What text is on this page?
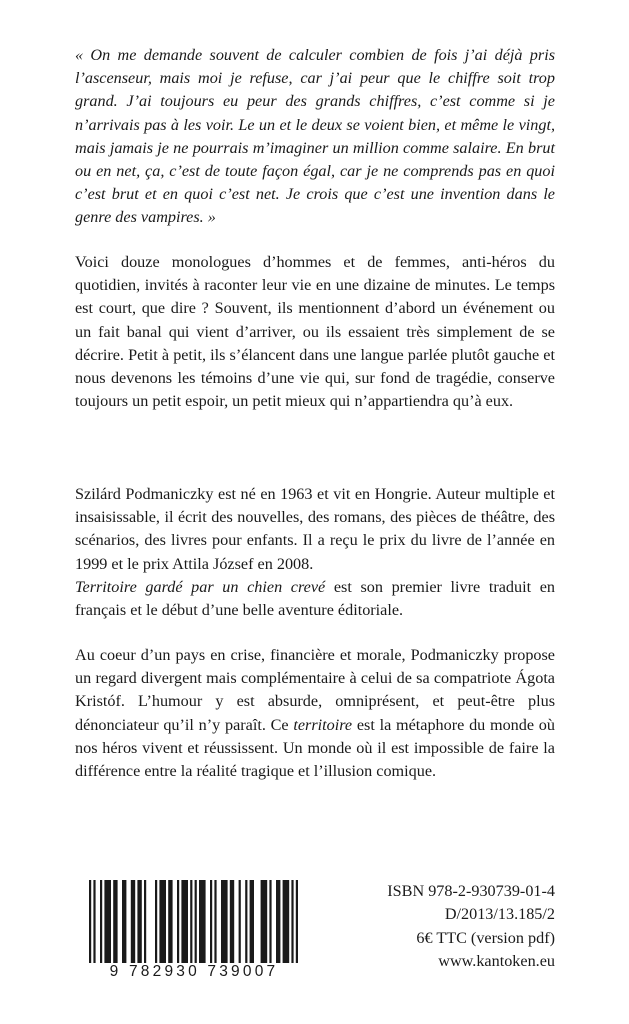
« On me demande souvent de calculer combien de fois j’ai déjà pris l’ascenseur, mais moi je refuse, car j’ai peur que le chiffre soit trop grand. J’ai toujours eu peur des grands chiffres, c’est comme si je n’arrivais pas à les voir. Le un et le deux se voient bien, et même le vingt, mais jamais je ne pourrais m’imaginer un million comme salaire. En brut ou en net, ça, c’est de toute façon égal, car je ne comprends pas en quoi c’est brut et en quoi c’est net. Je crois que c’est une invention dans le genre des vampires. »

Voici douze monologues d’hommes et de femmes, anti-héros du quotidien, invités à raconter leur vie en une dizaine de minutes. Le temps est court, que dire ? Souvent, ils mentionnent d’abord un événement ou un fait banal qui vient d’arriver, ou ils essaient très simplement de se décrire. Petit à petit, ils s’élancent dans une langue parlée plutôt gauche et nous devenons les témoins d’une vie qui, sur fond de tragédie, conserve toujours un petit espoir, un petit mieux qui n’appartiendra qu’à eux.

Szilárd Podmaniczky est né en 1963 et vit en Hongrie. Auteur multiple et insaisissable, il écrit des nouvelles, des romans, des pièces de théâtre, des scénarios, des livres pour enfants. Il a reçu le prix du livre de l’année en 1999 et le prix Attila József en 2008.

Territoire gardé par un chien crevé est son premier livre traduit en français et le début d’une belle aventure éditoriale.

Au coeur d’un pays en crise, financière et morale, Podmaniczky propose un regard divergent mais complémentaire à celui de sa compatriote Ágota Kristóf. L’humour y est absurde, omniprésent, et peut-être plus dénonciateur qu’il n’y paraît. Ce territoire est la métaphore du monde où nos héros vivent et réussissent. Un monde où il est impossible de faire la différence entre la réalité tragique et l’illusion comique.

9 782930 739007
ISBN 978-2-930739-01-4
D/2013/13.185/2
6€ TTC (version pdf)
www.kantoken.eu
